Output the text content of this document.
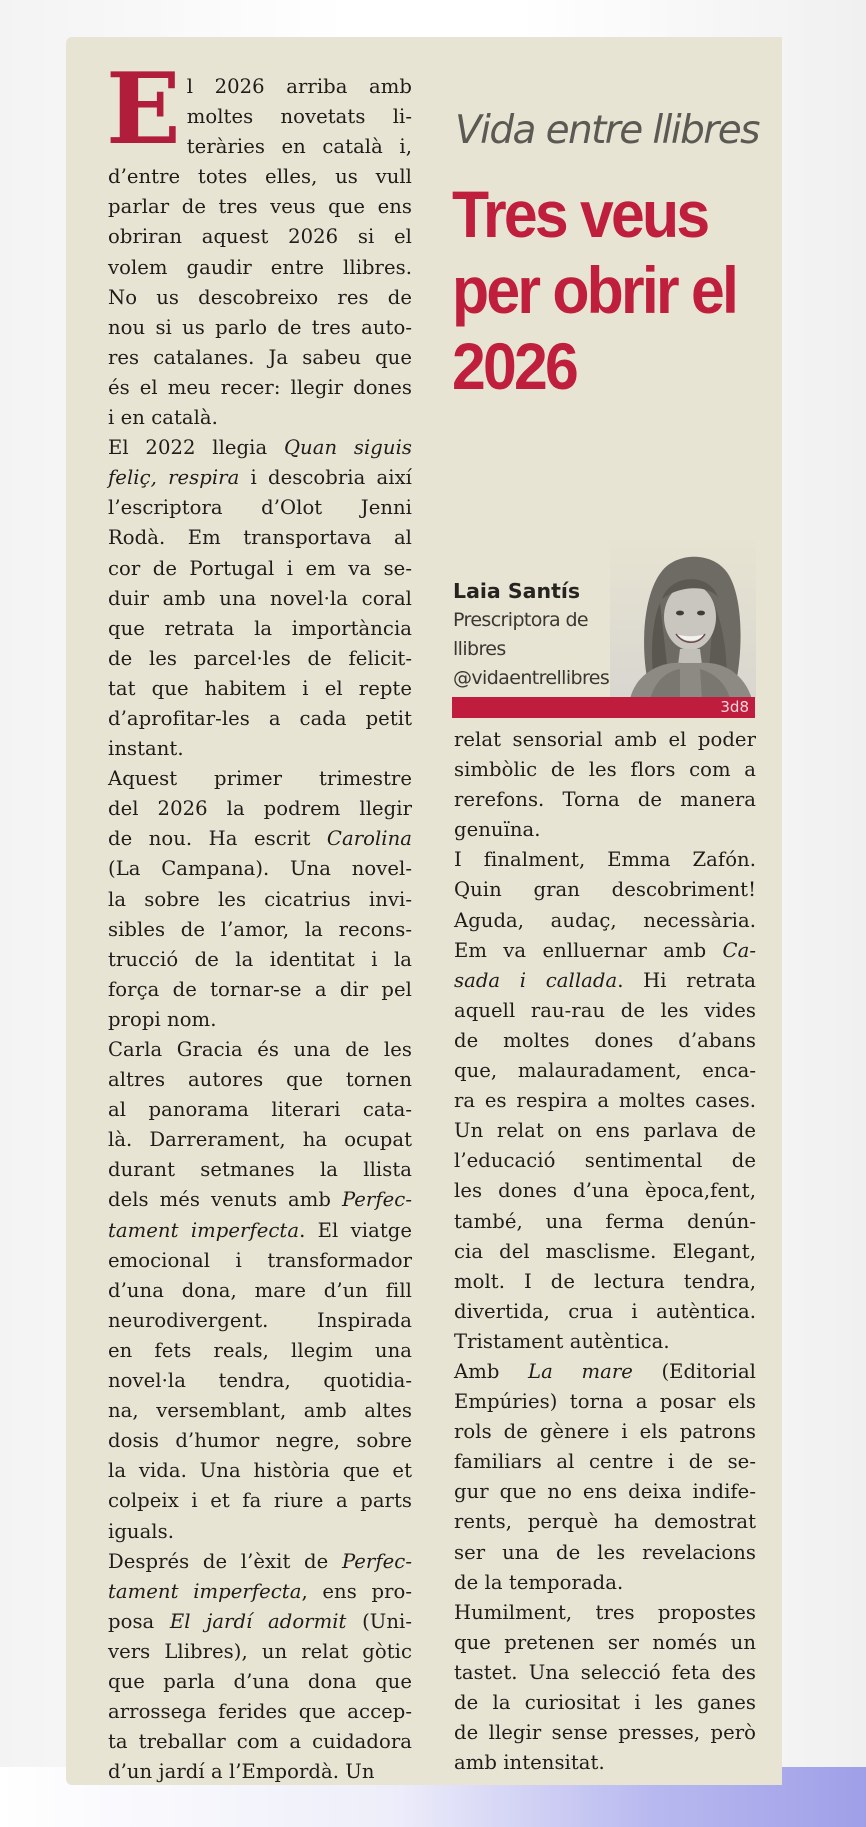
Vida entre llibres
Tres veus
per obrir el
2026
Laia Santís
Prescriptora de
llibres
@vidaentrellibres
3d8
E l 2026 arriba amb
moltes novetats li-
teràries en català i,
d’entre totes elles, us vull
parlar de tres veus que ens
obriran aquest 2026 si el
volem gaudir entre llibres.
No us descobreixo res de
nou si us parlo de tres auto-
res catalanes. Ja sabeu que
és el meu recer: llegir dones
i en català.
El 2022 llegia Quan siguis
feliç, respira i descobria així
l’escriptora d’Olot Jenni
Rodà. Em transportava al
cor de Portugal i em va se-
duir amb una novel·la coral
que retrata la importància
de les parcel·les de felicit-
tat que habitem i el repte
d’aprofitar-les a cada petit
instant.
Aquest primer trimestre
del 2026 la podrem llegir
de nou. Ha escrit Carolina
(La Campana). Una novel-
la sobre les cicatrius invi-
sibles de l’amor, la recons-
trucció de la identitat i la
força de tornar-se a dir pel
propi nom.
Carla Gracia és una de les
altres autores que tornen
al panorama literari cata-
là. Darrerament, ha ocupat
durant setmanes la llista
dels més venuts amb Perfec-
tament imperfecta. El viatge
emocional i transformador
d’una dona, mare d’un fill
neurodivergent. Inspirada
en fets reals, llegim una
novel·la tendra, quotidia-
na, versemblant, amb altes
dosis d’humor negre, sobre
la vida. Una història que et
colpeix i et fa riure a parts
iguals.
Després de l’èxit de Perfec-
tament imperfecta, ens pro-
posa El jardí adormit (Uni-
vers Llibres), un relat gòtic
que parla d’una dona que
arrossega ferides que accep-
ta treballar com a cuidadora
d’un jardí a l’Empordà. Un
relat sensorial amb el poder
simbòlic de les flors com a
rerefons. Torna de manera
genuïna.
I finalment, Emma Zafón.
Quin gran descobriment!
Aguda, audaç, necessària.
Em va enlluernar amb Ca-
sada i callada. Hi retrata
aquell rau-rau de les vides
de moltes dones d’abans
que, malauradament, enca-
ra es respira a moltes cases.
Un relat on ens parlava de
l’educació sentimental de
les dones d’una època,fent,
també, una ferma denún-
cia del masclisme. Elegant,
molt. I de lectura tendra,
divertida, crua i autèntica.
Tristament autèntica.
Amb La mare (Editorial
Empúries) torna a posar els
rols de gènere i els patrons
familiars al centre i de se-
gur que no ens deixa indife-
rents, perquè ha demostrat
ser una de les revelacions
de la temporada.
Humilment, tres propostes
que pretenen ser només un
tastet. Una selecció feta des
de la curiositat i les ganes
de llegir sense presses, però
amb intensitat.
